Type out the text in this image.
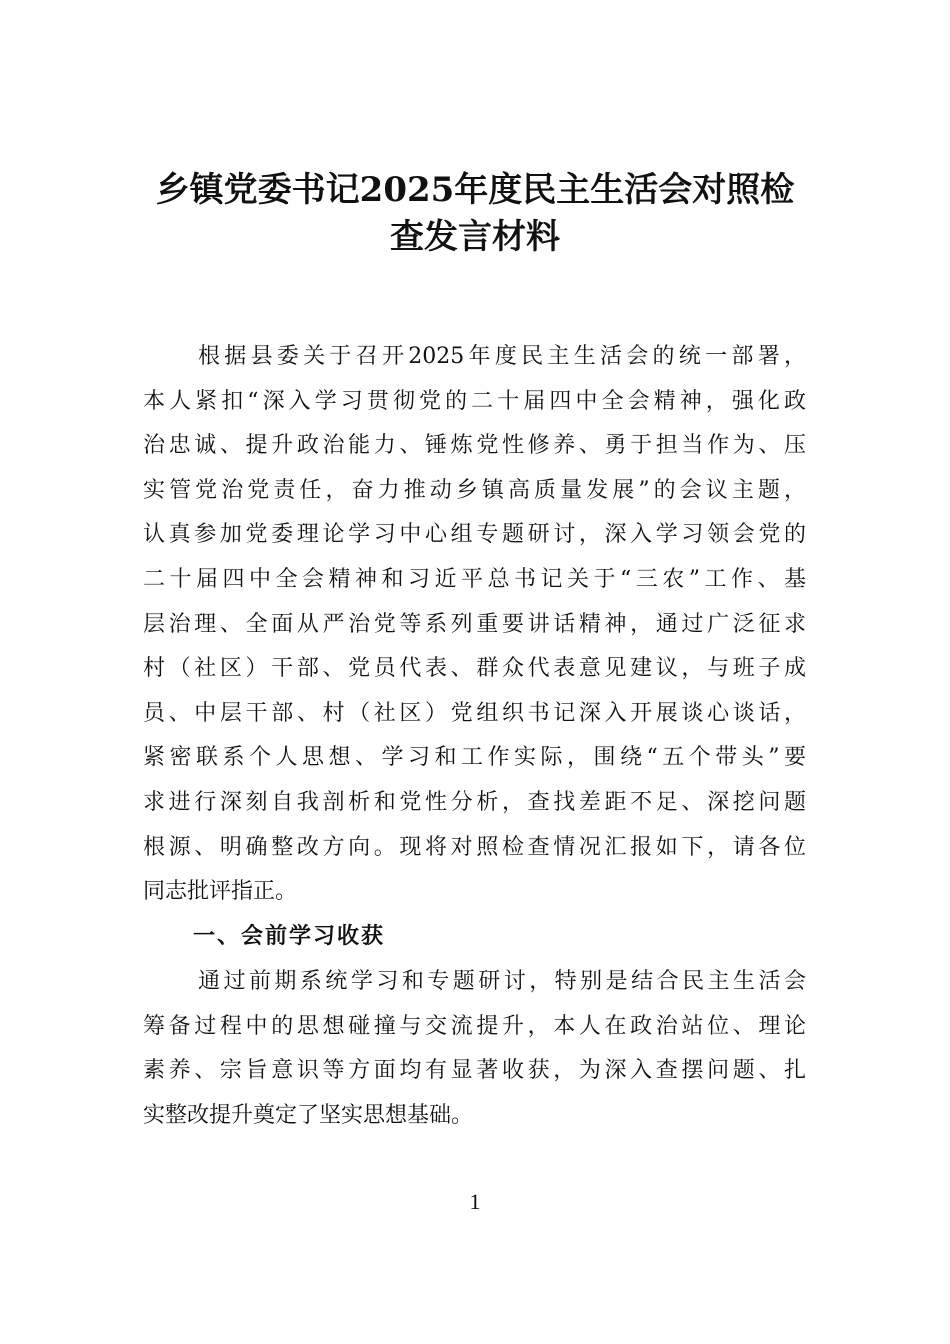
乡镇党委书记2025年度民主生活会对照检
查发言材料
根据县委关于召开2025年度民主生活会的统一部署，
本人紧扣“深入学习贯彻党的二十届四中全会精神，强化政
治忠诚、提升政治能力、锤炼党性修养、勇于担当作为、压
实管党治党责任，奋力推动乡镇高质量发展”的会议主题，
认真参加党委理论学习中心组专题研讨，深入学习领会党的
二十届四中全会精神和习近平总书记关于“三农”工作、基
层治理、全面从严治党等系列重要讲话精神，通过广泛征求
村（社区）干部、党员代表、群众代表意见建议，与班子成
员、中层干部、村（社区）党组织书记深入开展谈心谈话，
紧密联系个人思想、学习和工作实际，围绕“五个带头”要
求进行深刻自我剖析和党性分析，查找差距不足、深挖问题
根源、明确整改方向。现将对照检查情况汇报如下，请各位
同志批评指正。
一、会前学习收获
通过前期系统学习和专题研讨，特别是结合民主生活会
筹备过程中的思想碰撞与交流提升，本人在政治站位、理论
素养、宗旨意识等方面均有显著收获，为深入查摆问题、扎
实整改提升奠定了坚实思想基础。
1
